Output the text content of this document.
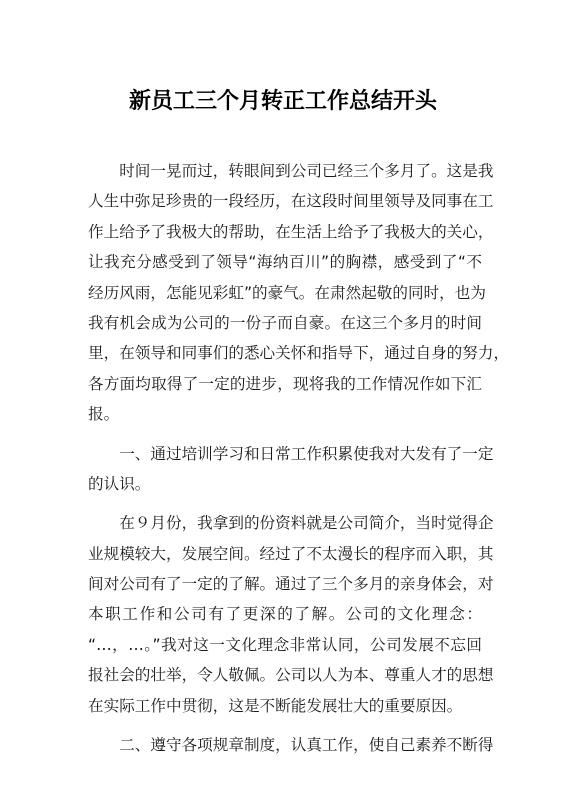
新员工三个月转正工作总结开头
　　时间一晃而过，转眼间到公司已经三个多月了。这是我
人生中弥足珍贵的一段经历，在这段时间里领导及同事在工
作上给予了我极大的帮助，在生活上给予了我极大的关心，
让我充分感受到了领导“海纳百川”的胸襟，感受到了“不
经历风雨，怎能见彩虹”的豪气。在肃然起敬的同时，也为
我有机会成为公司的一份子而自豪。在这三个多月的时间
里，在领导和同事们的悉心关怀和指导下，通过自身的努力，
各方面均取得了一定的进步，现将我的工作情况作如下汇
报。
　　一、通过培训学习和日常工作积累使我对大发有了一定
的认识。
　　在９月份，我拿到的份资料就是公司简介，当时觉得企
业规模较大，发展空间。经过了不太漫长的程序而入职，其
间对公司有了一定的了解。通过了三个多月的亲身体会，对
本职工作和公司有了更深的了解。公司的文化理念：
“…，…。”我对这一文化理念非常认同，公司发展不忘回
报社会的壮举，令人敬佩。公司以人为本、尊重人才的思想
在实际工作中贯彻，这是不断能发展壮大的重要原因。
　　二、遵守各项规章制度，认真工作，使自己素养不断得
